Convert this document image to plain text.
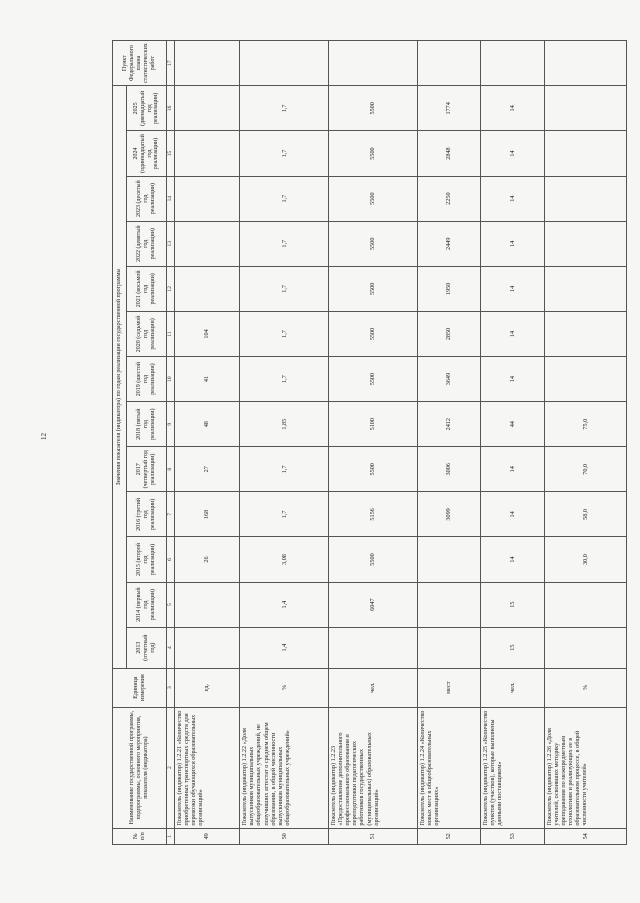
12
№ п/п	Наименование государственной программы, подпрограммы, основного мероприятия, показателя (индикатора)	Единица измерения	Значения показателя (индикатора) по годам реализации государственной программы													Пункт Федерального плана статистических работ
			2013 (отчетный год)	2014 (первый год реализации)	2015 (второй год реализации)	2016 (третий год реализации)	2017 (четвертый год реализации)	2018 (пятый год реализации)	2019 (шестой год реализации)	2020 (седьмой год реализации)	2021 (восьмой год реализации)	2022 (девятый год реализации)	2023 (десятый год реализации)	2024 (одиннадцатый год реализации)	2025 (двенадцатый год реализации)	
1	2	3	4	5	6	7	8	9	10	11	12	13	14	15	16	17
49	Показатель (индикатор) 1.2.21 «Количество приобретенных транспортных средств для перевозки обучающихся образовательных организаций»	ед.			26	168	27	48	41	104						
50	Показатель (индикатор) 1.2.22 «Доля выпускников муниципальных общеобразовательных учреждений, не получивших аттестат о среднем общем образовании, в общей численности выпускников муниципальных общеобразовательных учреждений»	%	1,4	1,4	3,08	1,7	1,7	1,85	1,7	1,7	1,7	1,7	1,7	1,7	1,7	
51	Показатель (индикатор) 1.2.23 «Предоставление дополнительного профессионального образования и переподготовки педагогических работников государственных (муниципальных) образовательных организаций»	чел.		6047	5500	5156	5500	5100	5500	5500	5500	5500	5500	5500	5500	
52	Показатель (индикатор) 1.2.24 «Количество новых мест в общеобразовательных организациях»	мест				3099	3006	2412	3649	2850	1950	2449	2250	2848	1774	
53	Показатель (индикатор) 1.2.25 «Количество пунктов (участков), которые выполнены данными поставщиком»	чел.	15	15	14	14	14	44	14	14	14	14	14	14	14	
54	Показатель (индикатор) 1.2.26 «Доля учителей, освоивших методику преподавания по межпредметным технологиям и реализующих ее в образовательном процессе, в общей численности учителей»	%			30,0	58,0	70,0	75,0								
